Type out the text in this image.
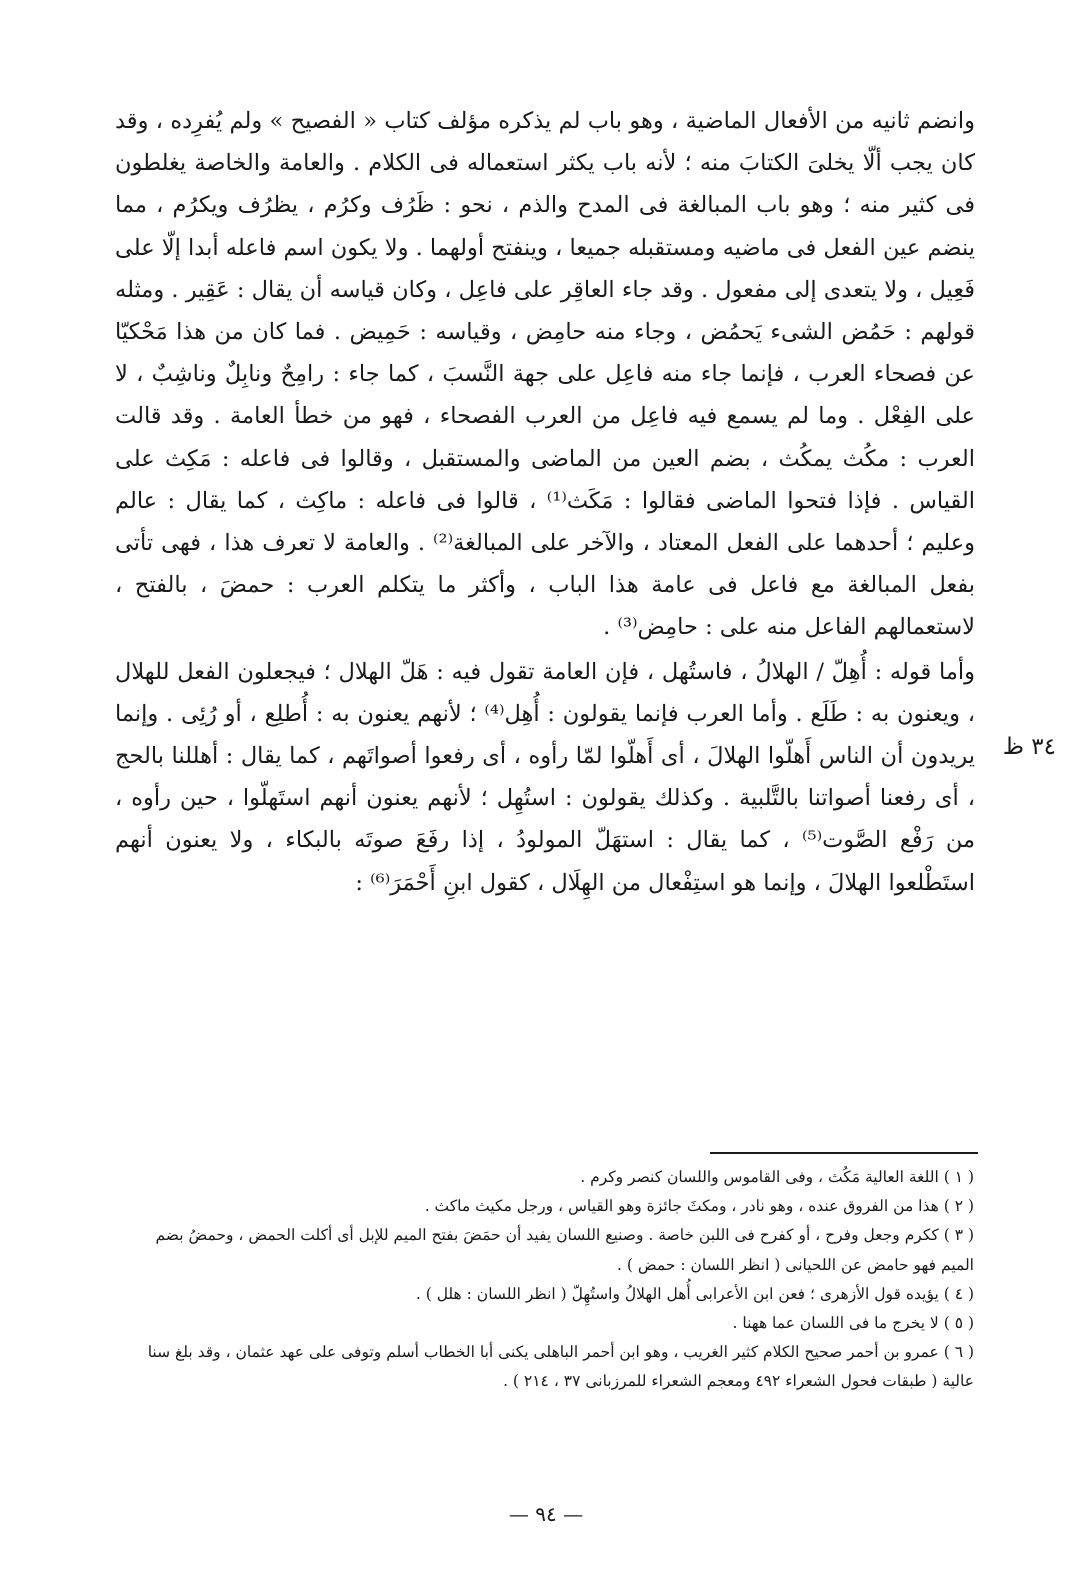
وانضم ثانيه من الأفعال الماضية ، وهو باب لم يذكره مؤلف كتاب « الفصيح » ولم يُفرِده ، وقد كان يجب ألّا يخلىَ الكتابَ منه ؛ لأنه باب يكثر استعماله فى الكلام . والعامة والخاصة يغلطون فى كثير منه ؛ وهو باب المبالغة فى المدح والذم ، نحو : ظَرُف وكرُم ، يظرُف ويكرُم ، مما ينضم عين الفعل فى ماضيه ومستقبله جميعا ، وينفتح أولهما . ولا يكون اسم فاعله أبدا إلّا على فَعِيل ، ولا يتعدى إلى مفعول . وقد جاء العاقِر على فاعِل ، وكان قياسه أن يقال : عَقِير . ومثله قولهم : حَمُض الشىء يَحمُض ، وجاء منه حامِض ، وقياسه : حَمِيض . فما كان من هذا مَحْكيّا عن فصحاء العرب ، فإنما جاء منه فاعِل على جهة النَّسبَ ، كما جاء : رامِحٌ ونابِلٌ وناشِبٌ ، لا على الفِعْل . وما لم يسمع فيه فاعِل من العرب الفصحاء ، فهو من خطأ العامة . وقد قالت العرب : مكُث يمكُث ، بضم العين من الماضى والمستقبل ، وقالوا فى فاعله : مَكِث على القياس . فإذا فتحوا الماضى فقالوا : مَكَث⁽¹⁾ ، قالوا فى فاعله : ماكِث ، كما يقال : عالم وعليم ؛ أحدهما على الفعل المعتاد ، والآخر على المبالغة⁽²⁾ . والعامة لا تعرف هذا ، فهى تأتى بفعل المبالغة مع فاعل فى عامة هذا الباب ، وأكثر ما يتكلم العرب : حمضَ ، بالفتح ، لاستعمالهم الفاعل منه على : حامِض⁽³⁾ .

وأما قوله : أُهِلّ / الهلالُ ، فاستُهل ، فإن العامة تقول فيه : هَلّ الهلال ؛ فيجعلون الفعل للهلال ، ويعنون به : طَلَع . وأما العرب فإنما يقولون : أُهِل⁽⁴⁾ ؛ لأنهم يعنون به : أُطلِع ، أو رُئِى . وإنما يريدون أن الناس أَهلّوا الهلالَ ، أى أَهلّوا لمّا رأوه ، أى رفعوا أصواتَهم ، كما يقال : أهللنا بالحج ، أى رفعنا أصواتنا بالتَّلبية . وكذلك يقولون : استُهِل ؛ لأنهم يعنون أنهم استَهلّوا ، حين رأوه ، من رَفْع الصَّوت⁽⁵⁾ ، كما يقال : استهَلّ المولودُ ، إذا رفَعَ صوتَه بالبكاء ، ولا يعنون أنهم استَطْلعوا الهلالَ ، وإنما هو استِفْعال من الهِلَال ، كقول ابنِ أَحْمَرَ⁽⁶⁾ :

٣٤ ظ

( ١ ) اللغة العالية مَكُث ، وفى القاموس واللسان كنصر وكرم .

( ٢ ) هذا من الفروق عنده ، وهو نادر ، ومكثَ جائزة وهو القياس ، ورجل مكيث ماكث .

( ٣ ) ككرم وجعل وفرح ، أو كفرح فى اللبن خاصة . وصنيع اللسان يفيد أن حمَضَ بفتح الميم للإبل أى أكلت الحمض ، وحمضُ بضم الميم فهو حامض عن اللحيانى ( انظر اللسان : حمض ) .

( ٤ ) يؤيده قول الأزهرى ؛ فعن ابن الأعرابى أُهل الهلالُ واستُهِلّ ( انظر اللسان : هلل ) .

( ٥ ) لا يخرج ما فى اللسان عما ههنا .

( ٦ ) عمرو بن أحمر صحيح الكلام كثير الغريب ، وهو ابن أحمر الباهلى يكنى أبا الخطاب أسلم وتوفى على عهد عثمان ، وقد بلغ سنا عالية ( طبقات فحول الشعراء ٤٩٢ ومعجم الشعراء للمرزبانى ٣٧ ، ٢١٤ ) .

— ٩٤ —
